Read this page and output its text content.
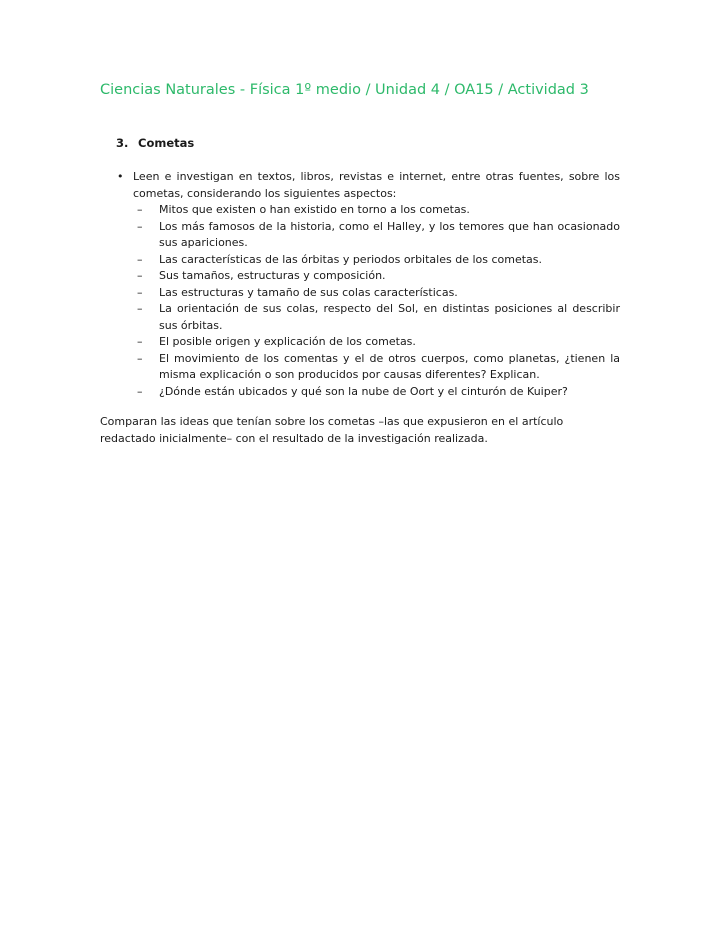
Ciencias Naturales - Física 1º medio / Unidad 4 / OA15 / Actividad 3
3. Cometas
• Leen e investigan en textos, libros, revistas e internet, entre otras fuentes, sobre los cometas, considerando los siguientes aspectos:
– Mitos que existen o han existido en torno a los cometas.
– Los más famosos de la historia, como el Halley, y los temores que han ocasionado sus apariciones.
– Las características de las órbitas y periodos orbitales de los cometas.
– Sus tamaños, estructuras y composición.
– Las estructuras y tamaño de sus colas características.
– La orientación de sus colas, respecto del Sol, en distintas posiciones al describir sus órbitas.
– El posible origen y explicación de los cometas.
– El movimiento de los comentas y el de otros cuerpos, como planetas, ¿tienen la misma explicación o son producidos por causas diferentes? Explican.
– ¿Dónde están ubicados y qué son la nube de Oort y el cinturón de Kuiper?
Comparan las ideas que tenían sobre los cometas –las que expusieron en el artículo redactado inicialmente– con el resultado de la investigación realizada.
